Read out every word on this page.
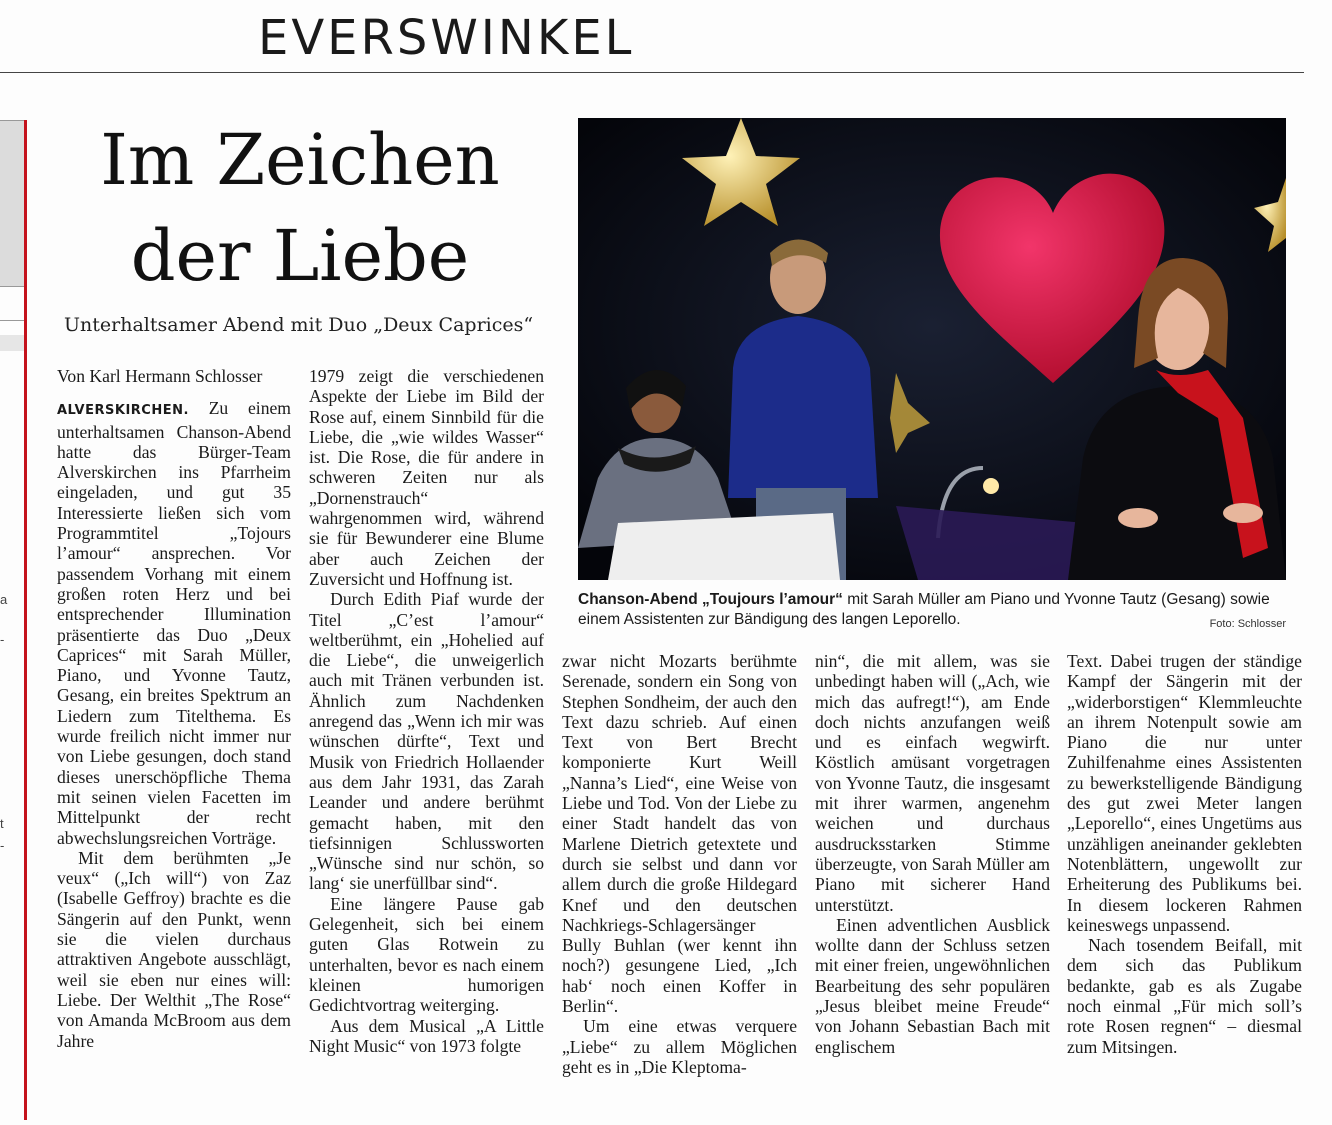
EVERSWINKEL
a
-
t
-
Im Zeichen
der Liebe
Unterhaltsamer Abend mit Duo „Deux Caprices“

Von Karl Hermann Schlosser

ALVERSKIRCHEN. Zu einem unterhaltsamen Chanson-Abend hatte das Bürger-Team Alverskirchen ins Pfarrheim eingeladen, und gut 35 Interessierte ließen sich vom Programmtitel „Tojours l’amour“ ansprechen. Vor passendem Vorhang mit einem großen roten Herz und bei entsprechender Illumination präsentierte das Duo „Deux Caprices“ mit Sarah Müller, Piano, und Yvonne Tautz, Gesang, ein breites Spektrum an Liedern zum Titelthema. Es wurde freilich nicht immer nur von Liebe gesungen, doch stand dieses unerschöpfliche Thema mit seinen vielen Facetten im Mittelpunkt der recht abwechslungsreichen Vorträge.

Mit dem berühmten „Je veux“ („Ich will“) von Zaz (Isabelle Geffroy) brachte es die Sängerin auf den Punkt, wenn sie die vielen durchaus attraktiven Angebote ausschlägt, weil sie eben nur eines will: Liebe. Der Welthit „The Rose“ von Amanda McBroom aus dem Jahre

1979 zeigt die verschiedenen Aspekte der Liebe im Bild der Rose auf, einem Sinnbild für die Liebe, die „wie wildes Wasser“ ist. Die Rose, die für andere in schweren Zeiten nur als „Dornenstrauch“ wahrgenommen wird, während sie für Bewunderer eine Blume aber auch Zeichen der Zuversicht und Hoffnung ist.

Durch Edith Piaf wurde der Titel „C’est l’amour“ weltberühmt, ein „Hohelied auf die Liebe“, die unweigerlich auch mit Tränen verbunden ist. Ähnlich zum Nachdenken anregend das „Wenn ich mir was wünschen dürfte“, Text und Musik von Friedrich Hollaender aus dem Jahr 1931, das Zarah Leander und andere berühmt gemacht haben, mit den tiefsinnigen Schlussworten „Wünsche sind nur schön, so lang‘ sie unerfüllbar sind“.

Eine längere Pause gab Gelegenheit, sich bei einem guten Glas Rotwein zu unterhalten, bevor es nach einem kleinen humorigen Gedichtvortrag weiterging.

Aus dem Musical „A Little Night Music“ von 1973 folgte

Chanson-Abend „Toujours l’amour“ mit Sarah Müller am Piano und Yvonne Tautz (Gesang) sowie einem Assistenten zur Bändigung des langen Leporello.	Foto: Schlosser

zwar nicht Mozarts berühmte Serenade, sondern ein Song von Stephen Sondheim, der auch den Text dazu schrieb. Auf einen Text von Bert Brecht komponierte Kurt Weill „Nanna’s Lied“, eine Weise von Liebe und Tod. Von der Liebe zu einer Stadt handelt das von Marlene Dietrich getextete und durch sie selbst und dann vor allem durch die große Hildegard Knef und den deutschen Nachkriegs-Schlagersänger Bully Buhlan (wer kennt ihn noch?) gesungene Lied, „Ich hab‘ noch einen Koffer in Berlin“.

Um eine etwas verquere „Liebe“ zu allem Möglichen geht es in „Die Kleptoma-

nin“, die mit allem, was sie unbedingt haben will („Ach, wie mich das aufregt!“), am Ende doch nichts anzufangen weiß und es einfach wegwirft. Köstlich amüsant vorgetragen von Yvonne Tautz, die insgesamt mit ihrer warmen, angenehm weichen und durchaus ausdrucksstarken Stimme überzeugte, von Sarah Müller am Piano mit sicherer Hand unterstützt.

Einen adventlichen Ausblick wollte dann der Schluss setzen mit einer freien, ungewöhnlichen Bearbeitung des sehr populären „Jesus bleibet meine Freude“ von Johann Sebastian Bach mit englischem

Text. Dabei trugen der ständige Kampf der Sängerin mit der „widerborstigen“ Klemmleuchte an ihrem Notenpult sowie am Piano die nur unter Zuhilfenahme eines Assistenten zu bewerkstelligende Bändigung des gut zwei Meter langen „Leporello“, eines Ungetüms aus unzähligen aneinander geklebten Notenblättern, ungewollt zur Erheiterung des Publikums bei. In diesem lockeren Rahmen keineswegs unpassend.

Nach tosendem Beifall, mit dem sich das Publikum bedankte, gab es als Zugabe noch einmal „Für mich soll’s rote Rosen regnen“ – diesmal zum Mitsingen.
